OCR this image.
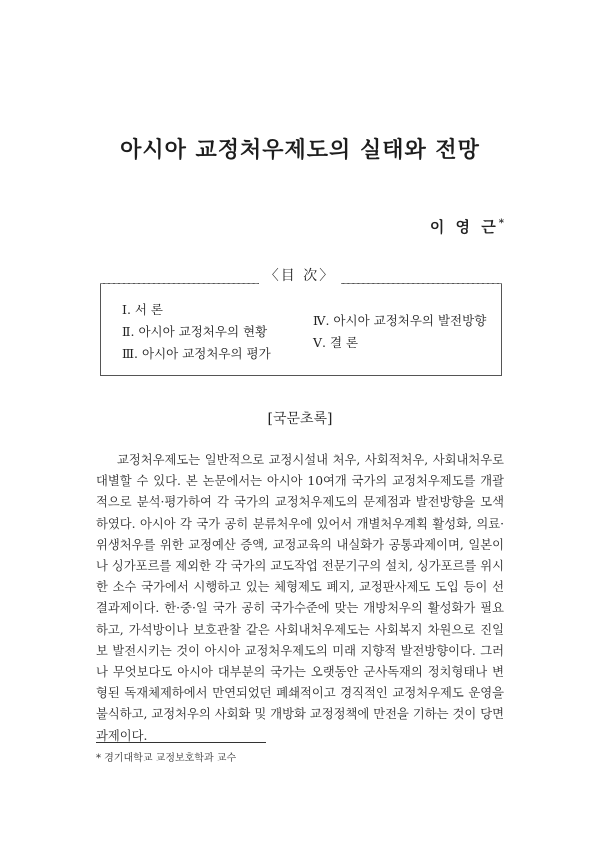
아시아 교정처우제도의 실태와 전망
이 영 근*
〈目 次〉
Ⅰ. 서 론
Ⅱ. 아시아 교정처우의 현황
Ⅲ. 아시아 교정처우의 평가
Ⅳ. 아시아 교정처우의 발전방향
Ⅴ. 결 론
[국문초록]
교정처우제도는 일반적으로 교정시설내 처우, 사회적처우, 사회내처우로 대별할 수 있다. 본 논문에서는 아시아 10여개 국가의 교정처우제도를 개괄적으로 분석·평가하여 각 국가의 교정처우제도의 문제점과 발전방향을 모색하였다. 아시아 각 국가 공히 분류처우에 있어서 개별처우계획 활성화, 의료·위생처우를 위한 교정예산 증액, 교정교육의 내실화가 공통과제이며, 일본이나 싱가포르를 제외한 각 국가의 교도작업 전문기구의 설치, 싱가포르를 위시한 소수 국가에서 시행하고 있는 체형제도 폐지, 교정판사제도 도입 등이 선결과제이다. 한·중·일 국가 공히 국가수준에 맞는 개방처우의 활성화가 필요하고, 가석방이나 보호관찰 같은 사회내처우제도는 사회복지 차원으로 진일보 발전시키는 것이 아시아 교정처우제도의 미래 지향적 발전방향이다. 그러나 무엇보다도 아시아 대부분의 국가는 오랫동안 군사독재의 정치형태나 변형된 독재체제하에서 만연되었던 폐쇄적이고 경직적인 교정처우제도 운영을 불식하고, 교정처우의 사회화 및 개방화 교정정책에 만전을 기하는 것이 당면과제이다.
* 경기대학교 교정보호학과 교수
